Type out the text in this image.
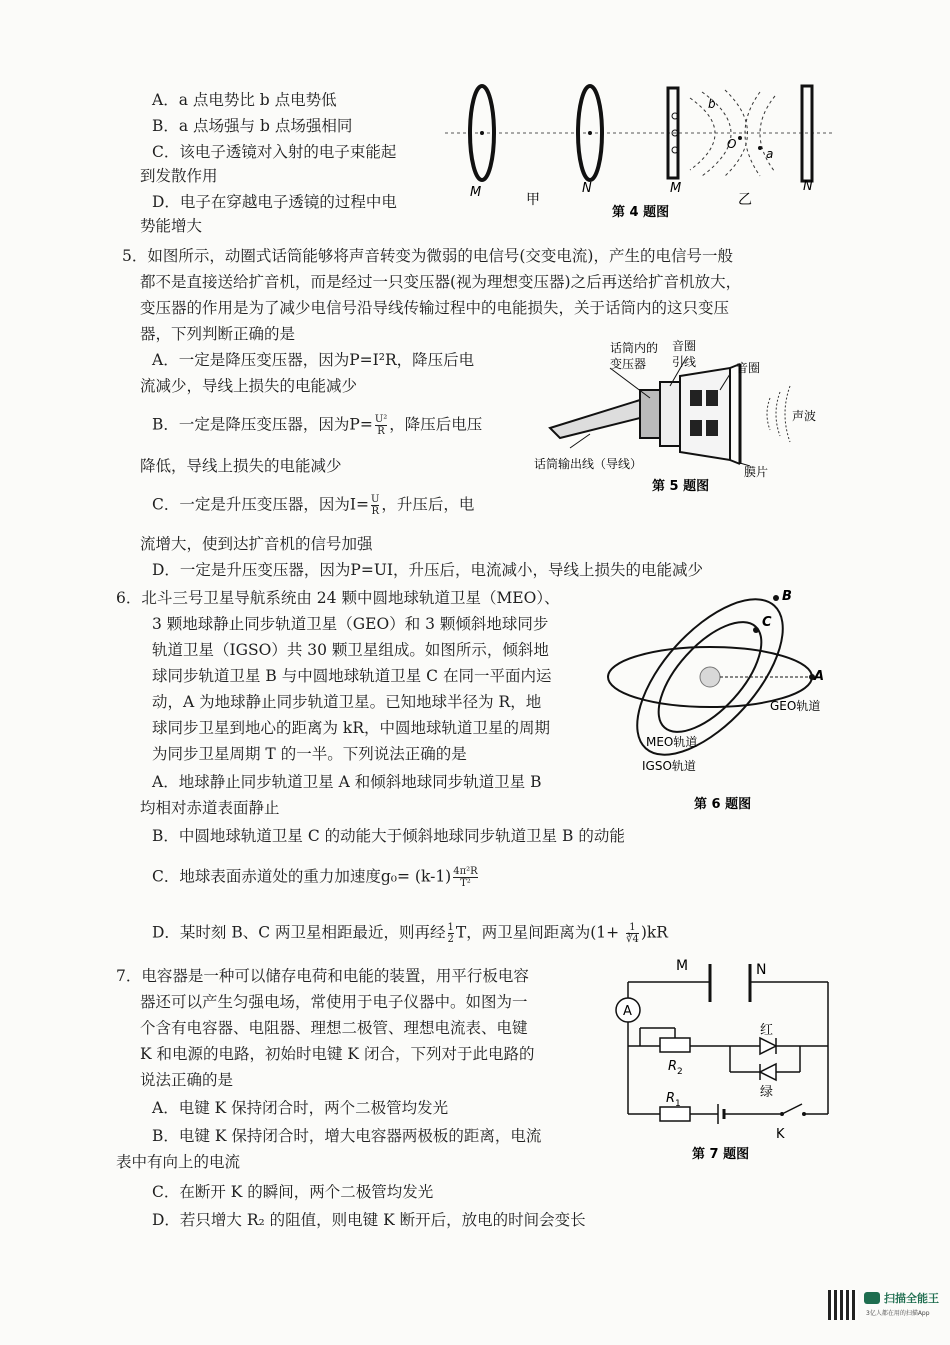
A．a 点电势比 b 点电势低
B．a 点场强与 b 点场强相同
C．该电子透镜对入射的电子束能起
到发散作用
D．电子在穿越电子透镜的过程中电
势能增大
M	N
甲
M	N
乙
O
a
b
第 4 题图
5．如图所示，动圈式话筒能够将声音转变为微弱的电信号(交变电流)，产生的电信号一般
都不是直接送给扩音机，而是经过一只变压器(视为理想变压器)之后再送给扩音机放大，
变压器的作用是为了减少电信号沿导线传输过程中的电能损失，关于话筒内的这只变压
器，下列判断正确的是
A．一定是降压变压器，因为P=I²R，降压后电
流减少，导线上损失的电能减少
B．一定是降压变压器，因为$P= \frac{\text{U²}}{R}$ ，降压后电压
降低，导线上损失的电能减少
C．一定是升压变压器，因为$I= \frac{U}{R}$ ，升压后，电
流增大，使到达扩音机的信号加强
D．一定是升压变压器，因为P=UI，升压后，电流减小，导线上损失的电能减少
话筒内的
变压器
音圈
引线	音圈
声波
话筒输出线（导线）
膜片
第 5 题图
6．北斗三号卫星导航系统由 24 颗中圆地球轨道卫星（MEO）、
3 颗地球静止同步轨道卫星（GEO）和 3 颗倾斜地球同步
轨道卫星（IGSO）共 30 颗卫星组成。如图所示，倾斜地
球同步轨道卫星 B 与中圆地球轨道卫星 C 在同一平面内运
动，A 为地球静止同步轨道卫星。已知地球半径为 R，地
球同步卫星到地心的距离为 kR，中圆地球轨道卫星的周期
为同步卫星周期 T 的一半。下列说法正确的是
A．地球静止同步轨道卫星 A 和倾斜地球同步轨道卫星 B
均相对赤道表面静止
B．中圆地球轨道卫星 C 的动能大于倾斜地球同步轨道卫星 B 的动能
C．地球表面赤道处的重力加速度$g_0= (k-1) \frac{\text{4π²R}}{\text{T²}}$
D．某时刻 B、C 两卫星相距最近，则再经 $\frac{1}{2}$ T，两卫星间距离为$(1+ \frac{1}{∛4} )kR$
A
B
C
GEO轨道
MEO轨道
IGSO轨道
第 6 题图
7．电容器是一种可以储存电荷和电能的装置，用平行板电容
器还可以产生匀强电场，常使用于电子仪器中。如图为一
个含有电容器、电阻器、理想二极管、理想电流表、电键
K 和电源的电路，初始时电键 K 闭合，下列对于此电路的
说法正确的是
A．电键 K 保持闭合时，两个二极管均发光
B．电键 K 保持闭合时，增大电容器两极板的距离，电流
表中有向上的电流
C．在断开 K 的瞬间，两个二极管均发光
D．若只增大 R₂ 的阻值，则电键 K 断开后，放电的时间会变长
A
M	N
红
绿
R 2
R 1
K
第 7 题图
扫描全能王
3亿人都在用的扫描App
